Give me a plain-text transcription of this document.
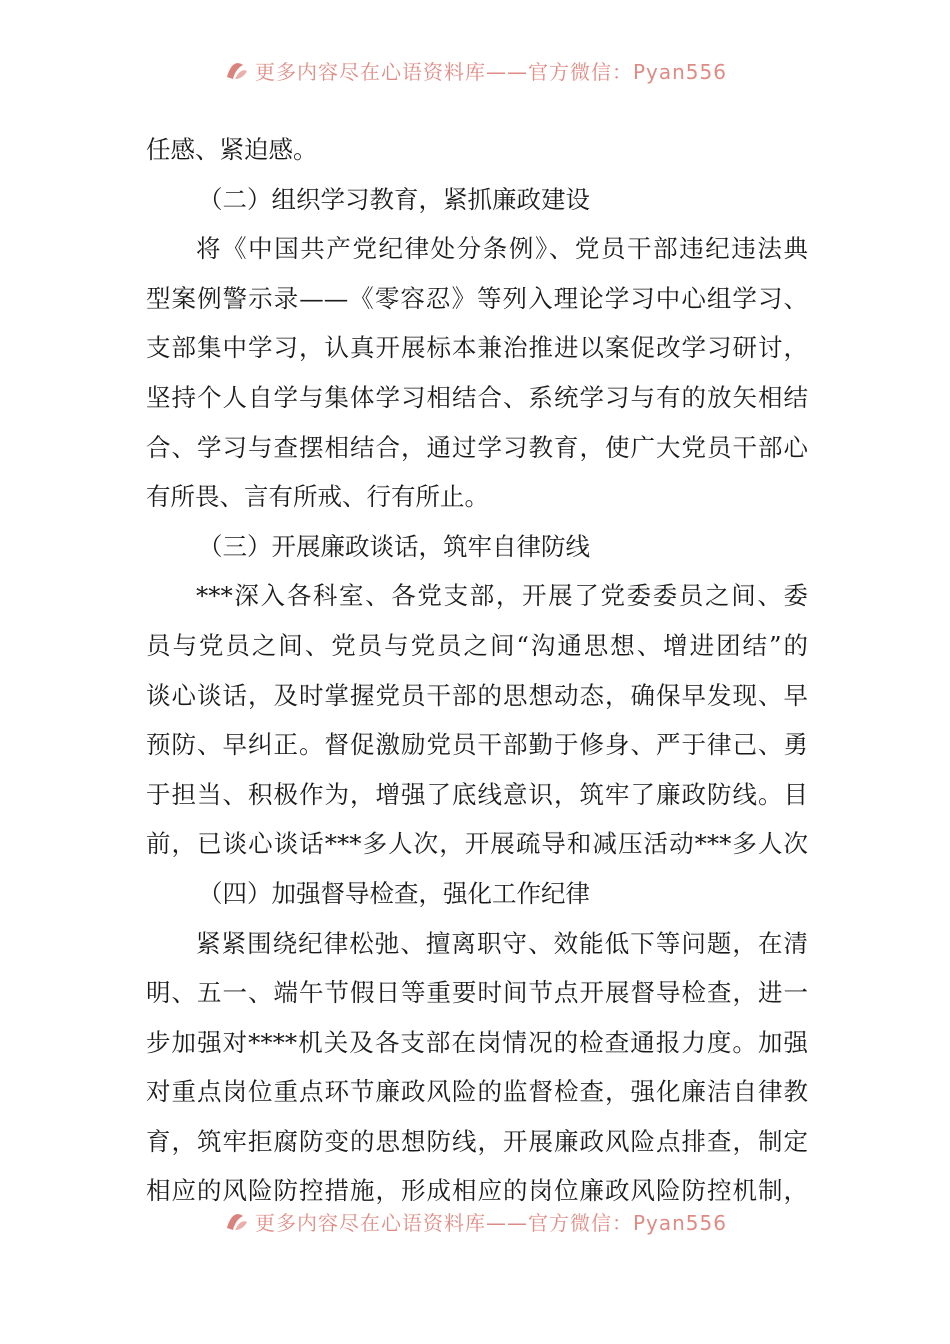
更多内容尽在心语资料库——官方微信：Pyan556
任感、紧迫感。
（二）组织学习教育，紧抓廉政建设
将《中国共产党纪律处分条例》、党员干部违纪违法典
型案例警示录——《零容忍》等列入理论学习中心组学习、
支部集中学习，认真开展标本兼治推进以案促改学习研讨，
坚持个人自学与集体学习相结合、系统学习与有的放矢相结
合、学习与查摆相结合，通过学习教育，使广大党员干部心
有所畏、言有所戒、行有所止。
（三）开展廉政谈话，筑牢自律防线
***深入各科室、各党支部，开展了党委委员之间、委
员与党员之间、党员与党员之间“沟通思想、增进团结”的
谈心谈话，及时掌握党员干部的思想动态，确保早发现、早
预防、早纠正。督促激励党员干部勤于修身、严于律己、勇
于担当、积极作为，增强了底线意识，筑牢了廉政防线。目
前，已谈心谈话***多人次，开展疏导和减压活动***多人次
（四）加强督导检查，强化工作纪律
紧紧围绕纪律松弛、擅离职守、效能低下等问题，在清
明、五一、端午节假日等重要时间节点开展督导检查，进一
步加强对****机关及各支部在岗情况的检查通报力度。加强
对重点岗位重点环节廉政风险的监督检查，强化廉洁自律教
育，筑牢拒腐防变的思想防线，开展廉政风险点排查，制定
相应的风险防控措施，形成相应的岗位廉政风险防控机制，
更多内容尽在心语资料库——官方微信：Pyan556
